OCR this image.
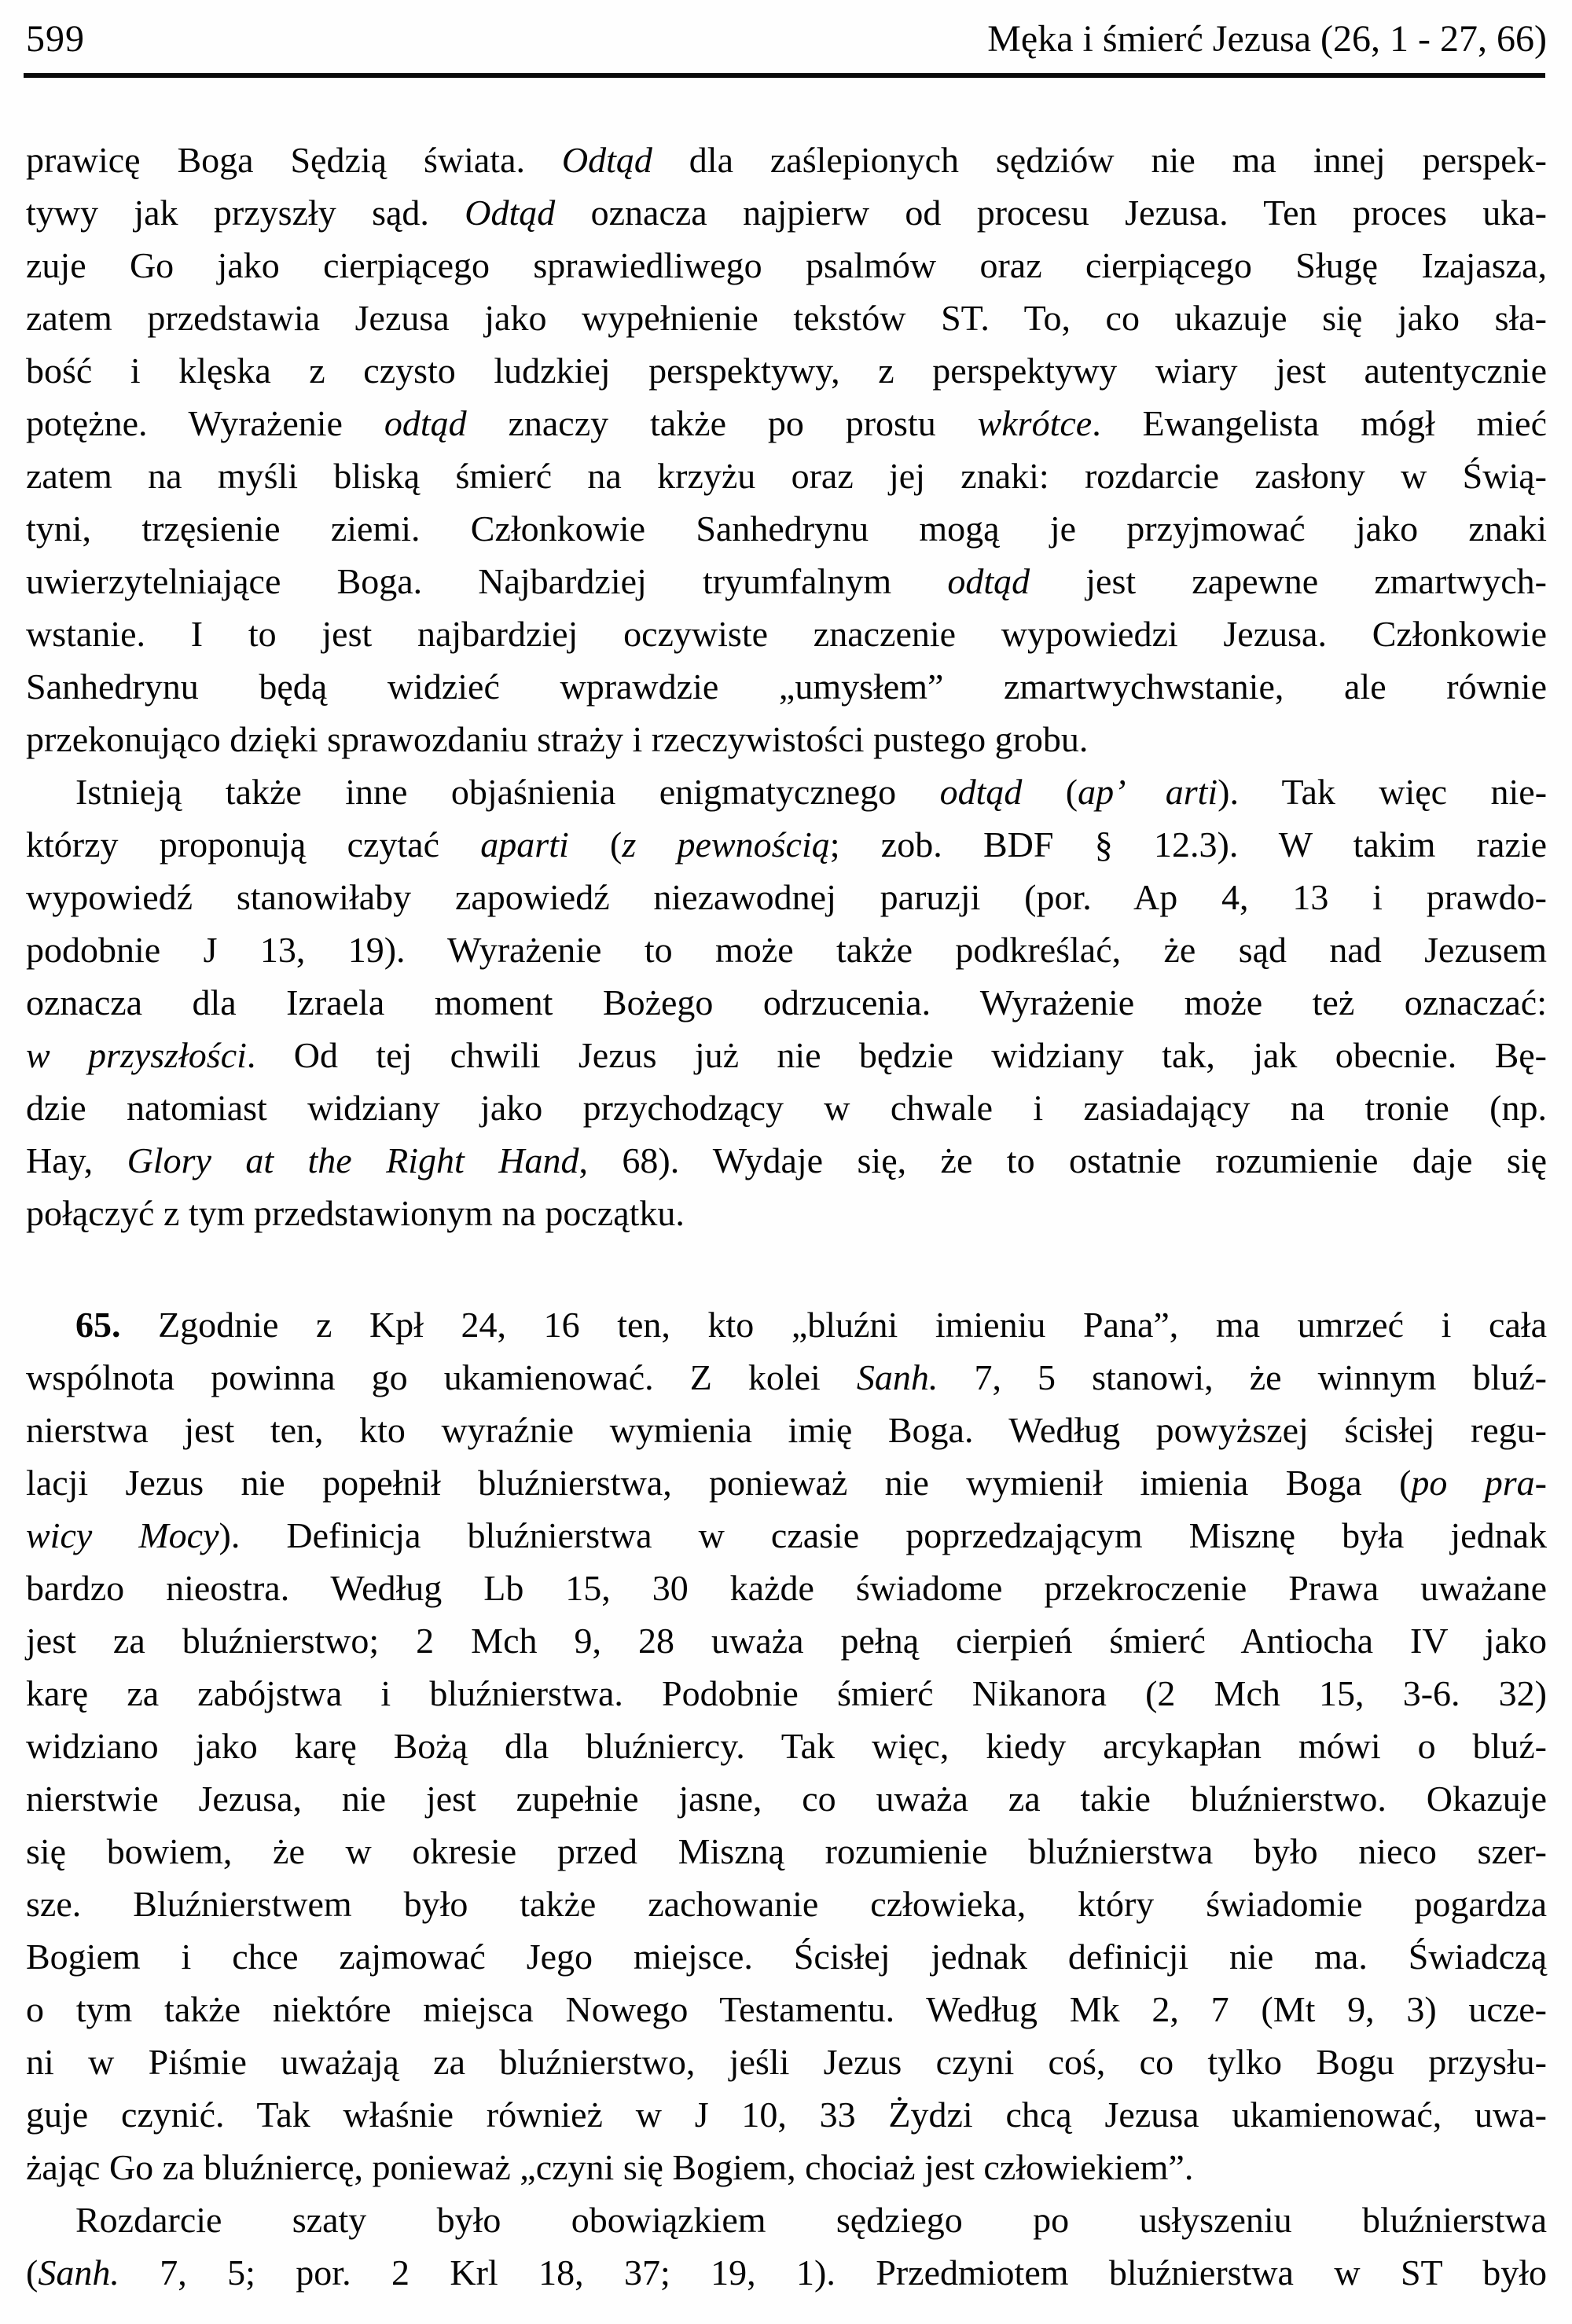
599	Męka i śmierć Jezusa (26, 1 - 27, 66)
prawicę Boga Sędzią świata. Odtąd dla zaślepionych sędziów nie ma innej perspek-
tywy jak przyszły sąd. Odtąd oznacza najpierw od procesu Jezusa. Ten proces uka-
zuje Go jako cierpiącego sprawiedliwego psalmów oraz cierpiącego Sługę Izajasza,
zatem przedstawia Jezusa jako wypełnienie tekstów ST. To, co ukazuje się jako sła-
bość i klęska z czysto ludzkiej perspektywy, z perspektywy wiary jest autentycznie
potężne. Wyrażenie odtąd znaczy także po prostu wkrótce. Ewangelista mógł mieć
zatem na myśli bliską śmierć na krzyżu oraz jej znaki: rozdarcie zasłony w Świą-
tyni, trzęsienie ziemi. Członkowie Sanhedrynu mogą je przyjmować jako znaki
uwierzytelniające Boga. Najbardziej tryumfalnym odtąd jest zapewne zmartwych-
wstanie. I to jest najbardziej oczywiste znaczenie wypowiedzi Jezusa. Członkowie
Sanhedrynu będą widzieć wprawdzie „umysłem” zmartwychwstanie, ale równie
przekonująco dzięki sprawozdaniu straży i rzeczywistości pustego grobu.
Istnieją także inne objaśnienia enigmatycznego odtąd (ap’ arti). Tak więc nie-
którzy proponują czytać aparti (z pewnością; zob. BDF § 12.3). W takim razie
wypowiedź stanowiłaby zapowiedź niezawodnej paruzji (por. Ap 4, 13 i prawdo-
podobnie J 13, 19). Wyrażenie to może także podkreślać, że sąd nad Jezusem
oznacza dla Izraela moment Bożego odrzucenia. Wyrażenie może też oznaczać:
w przyszłości. Od tej chwili Jezus już nie będzie widziany tak, jak obecnie. Bę-
dzie natomiast widziany jako przychodzący w chwale i zasiadający na tronie (np.
Hay, Glory at the Right Hand, 68). Wydaje się, że to ostatnie rozumienie daje się
połączyć z tym przedstawionym na początku.
65. Zgodnie z Kpł 24, 16 ten, kto „bluźni imieniu Pana”, ma umrzeć i cała
wspólnota powinna go ukamienować. Z kolei Sanh. 7, 5 stanowi, że winnym bluź-
nierstwa jest ten, kto wyraźnie wymienia imię Boga. Według powyższej ścisłej regu-
lacji Jezus nie popełnił bluźnierstwa, ponieważ nie wymienił imienia Boga (po pra-
wicy Mocy). Definicja bluźnierstwa w czasie poprzedzającym Misznę była jednak
bardzo nieostra. Według Lb 15, 30 każde świadome przekroczenie Prawa uważane
jest za bluźnierstwo; 2 Mch 9, 28 uważa pełną cierpień śmierć Antiocha IV jako
karę za zabójstwa i bluźnierstwa. Podobnie śmierć Nikanora (2 Mch 15, 3-6. 32)
widziano jako karę Bożą dla bluźniercy. Tak więc, kiedy arcykapłan mówi o bluź-
nierstwie Jezusa, nie jest zupełnie jasne, co uważa za takie bluźnierstwo. Okazuje
się bowiem, że w okresie przed Miszną rozumienie bluźnierstwa było nieco szer-
sze. Bluźnierstwem było także zachowanie człowieka, który świadomie pogardza
Bogiem i chce zajmować Jego miejsce. Ścisłej jednak definicji nie ma. Świadczą
o tym także niektóre miejsca Nowego Testamentu. Według Mk 2, 7 (Mt 9, 3) ucze-
ni w Piśmie uważają za bluźnierstwo, jeśli Jezus czyni coś, co tylko Bogu przysłu-
guje czynić. Tak właśnie również w J 10, 33 Żydzi chcą Jezusa ukamienować, uwa-
żając Go za bluźniercę, ponieważ „czyni się Bogiem, chociaż jest człowiekiem”.
Rozdarcie szaty było obowiązkiem sędziego po usłyszeniu bluźnierstwa
(Sanh. 7, 5; por. 2 Krl 18, 37; 19, 1). Przedmiotem bluźnierstwa w ST było
